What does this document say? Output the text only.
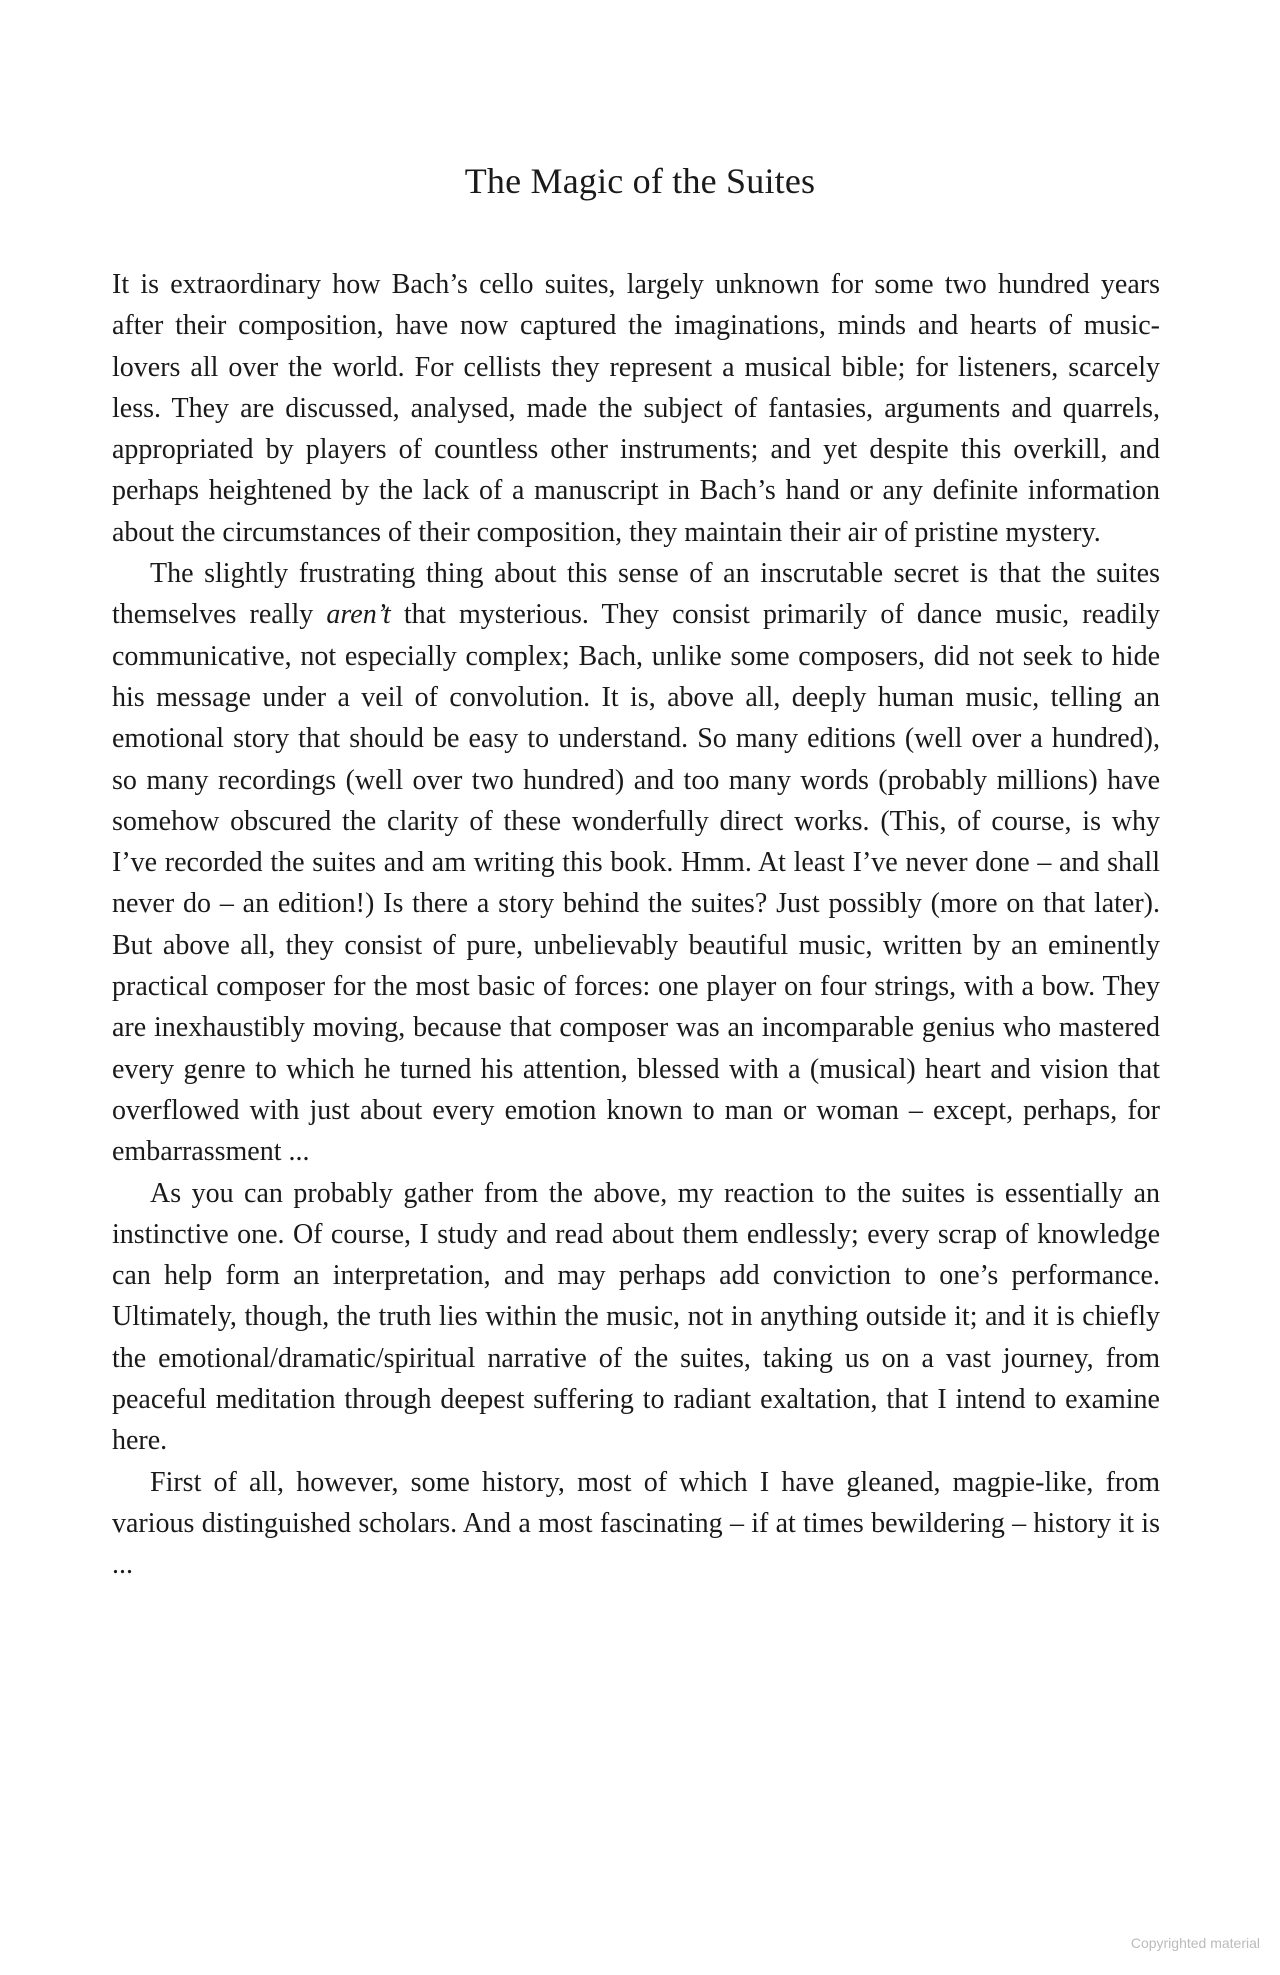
The Magic of the Suites

It is extraordinary how Bach’s cello suites, largely unknown for some two hundred years after their composition, have now captured the imaginations, minds and hearts of music-lovers all over the world. For cellists they represent a musical bible; for listeners, scarcely less. They are discussed, analysed, made the subject of fantasies, arguments and quarrels, appropriated by players of countless other instruments; and yet despite this overkill, and perhaps heightened by the lack of a manuscript in Bach’s hand or any definite information about the circumstances of their composition, they maintain their air of pristine mystery.

The slightly frustrating thing about this sense of an inscrutable secret is that the suites themselves really aren’t that mysterious. They consist primarily of dance music, readily communicative, not especially complex; Bach, unlike some composers, did not seek to hide his message under a veil of convolution. It is, above all, deeply human music, telling an emotional story that should be easy to understand. So many editions (well over a hundred), so many recordings (well over two hundred) and too many words (probably millions) have somehow obscured the clarity of these wonderfully direct works. (This, of course, is why I’ve recorded the suites and am writing this book. Hmm. At least I’ve never done – and shall never do – an edition!) Is there a story behind the suites? Just possibly (more on that later). But above all, they consist of pure, unbelievably beautiful music, written by an eminently practical composer for the most basic of forces: one player on four strings, with a bow. They are inexhaustibly moving, because that composer was an incomparable genius who mastered every genre to which he turned his attention, blessed with a (musical) heart and vision that overflowed with just about every emotion known to man or woman – except, perhaps, for embarrassment ...

As you can probably gather from the above, my reaction to the suites is essentially an instinctive one. Of course, I study and read about them endlessly; every scrap of knowledge can help form an interpretation, and may perhaps add conviction to one’s performance. Ultimately, though, the truth lies within the music, not in anything outside it; and it is chiefly the emotional/dramatic/spiritual narrative of the suites, taking us on a vast journey, from peaceful meditation through deepest suffering to radiant exaltation, that I intend to examine here.

First of all, however, some history, most of which I have gleaned, magpie-like, from various distinguished scholars. And a most fascinating – if at times bewildering – history it is ...

Copyrighted material
